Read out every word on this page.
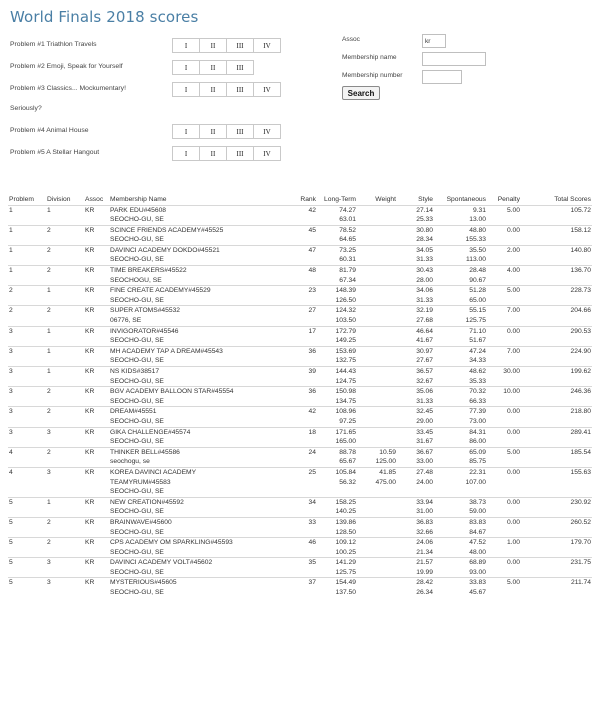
World Finals 2018 scores
Problem #1 Triathlon Travels	I	II	III	IV
Problem #2 Emoji, Speak for Yourself	I	II	III
Problem #3 Classics... Mockumentary!	I	II	III	IV
Seriously?
Problem #4 Animal House	I	II	III	IV
Problem #5 A Stellar Hangout	I	II	III	IV
Assoc
kr
Membership name
Membership number
Search
Problem	Division	Assoc	Membership Name	Rank	Long-Term	Weight	Style	Spontaneous	Penalty	Total Scores
1	1	KR	PARK EDU#45608	42	74.27		27.14	9.31	5.00	105.72
			SEOCHO-GU, SE		63.01		25.33	13.00		
1	2	KR	SCINCE FRIENDS ACADEMY#45525	45	78.52		30.80	48.80	0.00	158.12
			SEOCHO-GU, SE		64.65		28.34	155.33		
1	2	KR	DAVINCI ACADEMY DOKDO#45521	47	73.25		34.05	35.50	2.00	140.80
			SEOCHO-GU, SE		60.31		31.33	113.00		
1	2	KR	TIME BREAKERS#45522	48	81.79		30.43	28.48	4.00	136.70
			SEOCHOGU, SE		67.34		28.00	90.67		
2	1	KR	FINE CREATE ACADEMY#45529	23	148.39		34.06	51.28	5.00	228.73
			SEOCHO-GU, SE		126.50		31.33	65.00		
2	2	KR	SUPER ATOMS#45532	27	124.32		32.19	55.15	7.00	204.66
			06776, SE		103.50		27.68	125.75		
3	1	KR	INVIGORATOR#45546	17	172.79		46.64	71.10	0.00	290.53
			SEOCHO-GU, SE		149.25		41.67	51.67		
3	1	KR	MH ACADEMY TAP A DREAM#45543	36	153.69		30.97	47.24	7.00	224.90
			SEOCHO-GU, SE		132.75		27.67	34.33		
3	1	KR	NS KIDS#38517	39	144.43		36.57	48.62	30.00	199.62
			SEOCHO-GU, SE		124.75		32.67	35.33		
3	2	KR	BGV ACADEMY BALLOON STAR#45554	36	150.98		35.06	70.32	10.00	246.36
			SEOCHO-GU, SE		134.75		31.33	66.33		
3	2	KR	DREAM#45551	42	108.96		32.45	77.39	0.00	218.80
			SEOCHO-GU, SE		97.25		29.00	73.00		
3	3	KR	GIKA CHALLENGE#45574	18	171.65		33.45	84.31	0.00	289.41
			SEOCHO-GU, SE		165.00		31.67	86.00		
4	2	KR	THINKER BELL#45586	24	88.78	10.59	36.67	65.09	5.00	185.54
			seochogu, se		65.67	125.00	33.00	85.75		
4	3	KR	KOREA DAVINCI ACADEMY	25	105.84	41.85	27.48	22.31	0.00	155.63
			TEAMYRUM#45583		56.32	475.00	24.00	107.00		
			SEOCHO-GU, SE							
5	1	KR	NEW CREATION#45592	34	158.25		33.94	38.73	0.00	230.92
			SEOCHO-GU, SE		140.25		31.00	59.00		
5	2	KR	BRAINWAVE#45600	33	139.86		36.83	83.83	0.00	260.52
			SEOCHO-GU, SE		128.50		32.66	84.67		
5	2	KR	CPS ACADEMY OM SPARKLING#45593	46	109.12		24.06	47.52	1.00	179.70
			SEOCHO-GU, SE		100.25		21.34	48.00		
5	3	KR	DAVINCI ACADEMY VOLT#45602	35	141.29		21.57	68.89	0.00	231.75
			SEOCHO-GU, SE		125.75		19.99	93.00		
5	3	KR	MYSTERIOUS#45605	37	154.49		28.42	33.83	5.00	211.74
			SEOCHO-GU, SE		137.50		26.34	45.67		
